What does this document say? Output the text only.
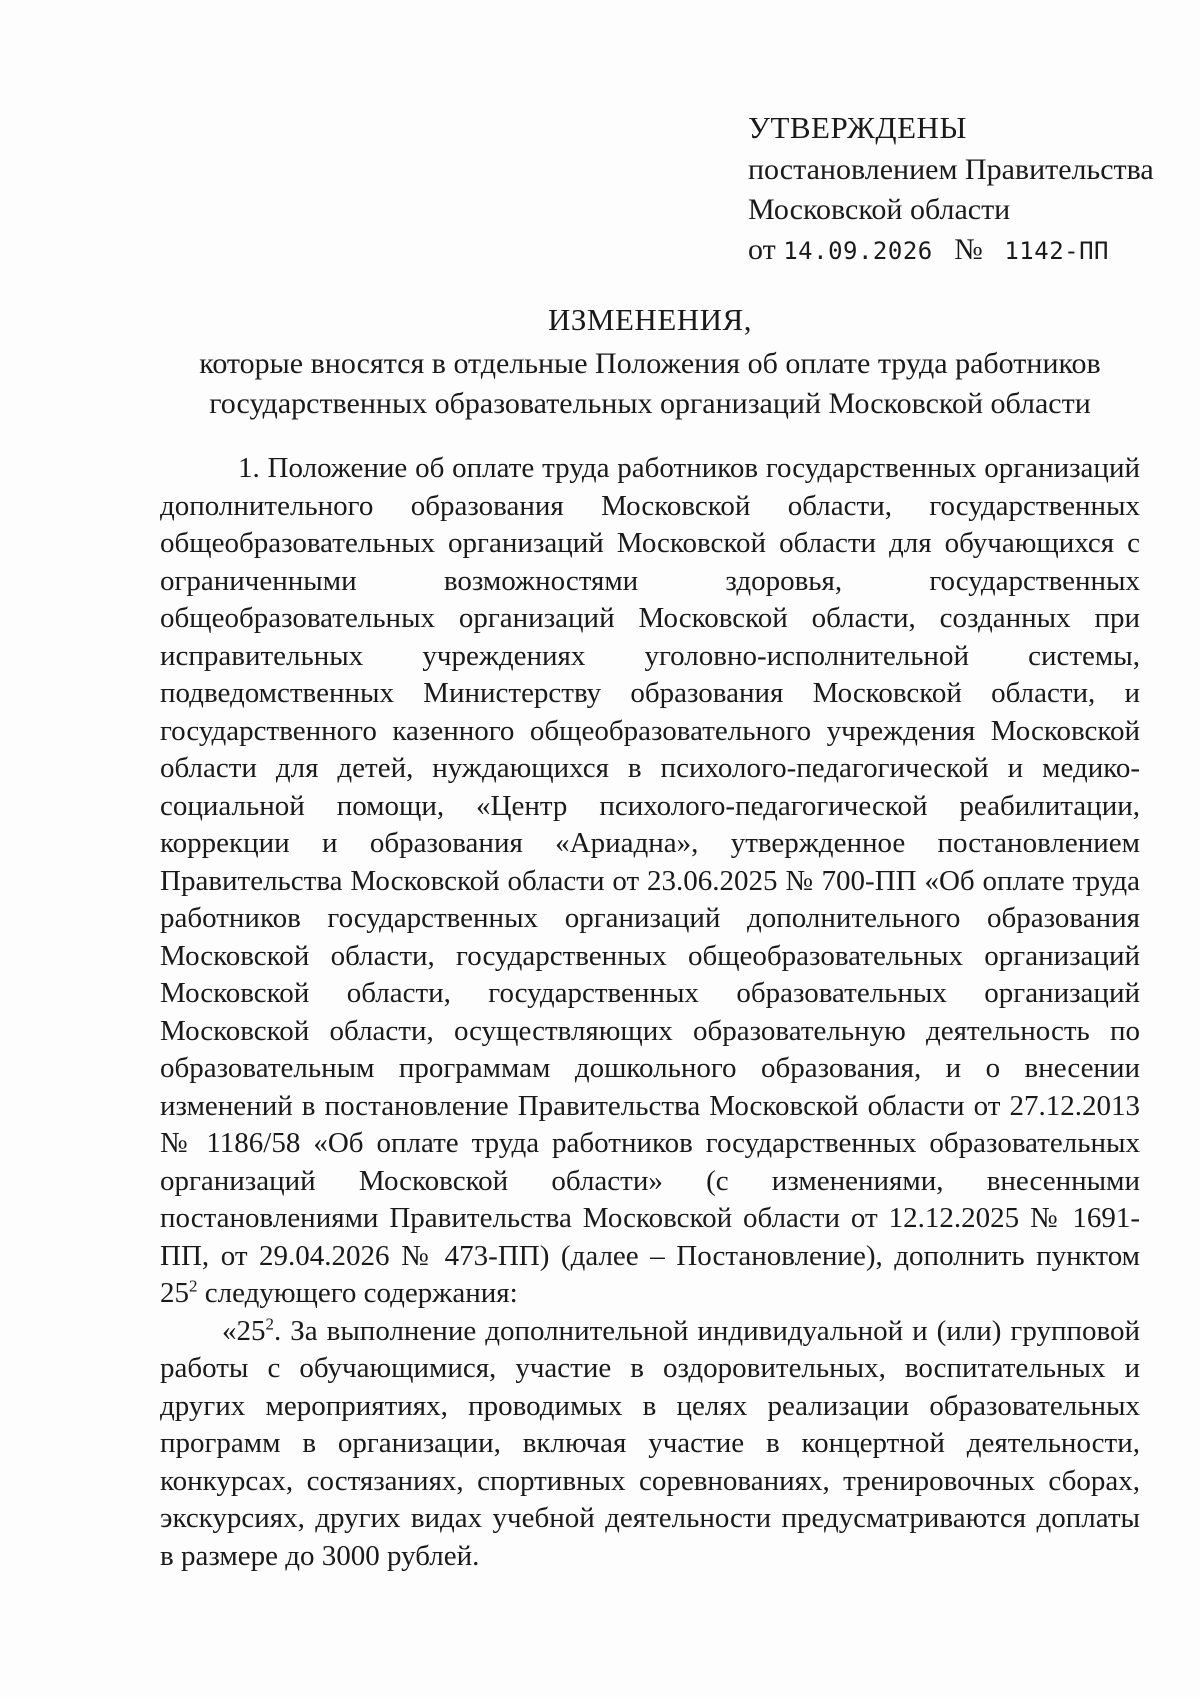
УТВЕРЖДЕНЫ
постановлением Правительства
Московской области
от 14.09.2026 № 1142-ПП
ИЗМЕНЕНИЯ,
которые вносятся в отдельные Положения об оплате труда работников
государственных образовательных организаций Московской области

1. Положение об оплате труда работников государственных организаций дополнительного образования Московской области, государственных общеобразовательных организаций Московской области для обучающихся с ограниченными возможностями здоровья, государственных общеобразовательных организаций Московской области, созданных при исправительных учреждениях уголовно-исполнительной системы, подведомственных Министерству образования Московской области, и государственного казенного общеобразовательного учреждения Московской области для детей, нуждающихся в психолого-педагогической и медико-социальной помощи, «Центр психолого-педагогической реабилитации, коррекции и образования «Ариадна», утвержденное постановлением Правительства Московской области от 23.06.2025 № 700-ПП «Об оплате труда работников государственных организаций дополнительного образования Московской области, государственных общеобразовательных организаций Московской области, государственных образовательных организаций Московской области, осуществляющих образовательную деятельность по образовательным программам дошкольного образования, и о внесении изменений в постановление Правительства Московской области от 27.12.2013 № 1186/58 «Об оплате труда работников государственных образовательных организаций Московской области» (с изменениями, внесенными постановлениями Правительства Московской области от 12.12.2025 № 1691-ПП, от 29.04.2026 № 473-ПП) (далее – Постановление), дополнить пунктом $25^2$ следующего содержания:

«$25^2$. За выполнение дополнительной индивидуальной и (или) групповой работы с обучающимися, участие в оздоровительных, воспитательных и других мероприятиях, проводимых в целях реализации образовательных программ в организации, включая участие в концертной деятельности, конкурсах, состязаниях, спортивных соревнованиях, тренировочных сборах, экскурсиях, других видах учебной деятельности предусматриваются доплаты в размере до 3000 рублей.
